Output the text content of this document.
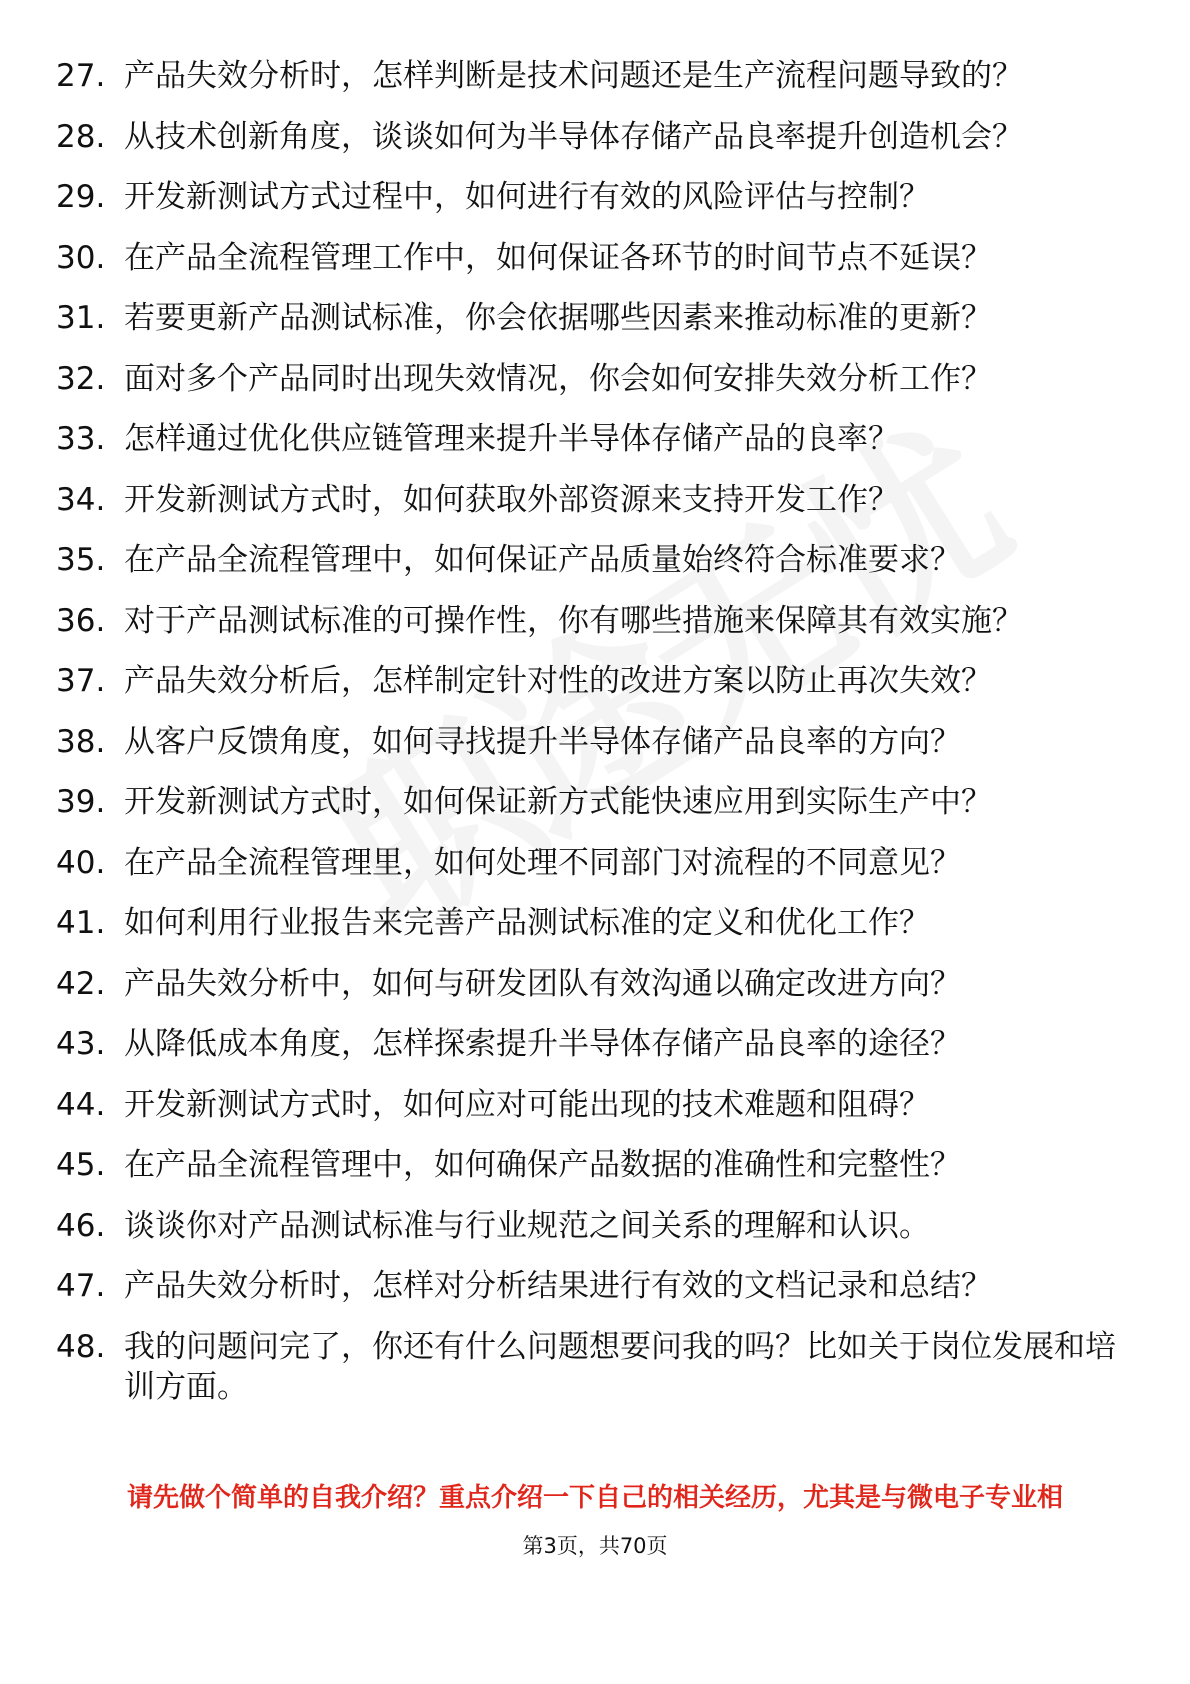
27. 产品失效分析时，怎样判断是技术问题还是生产流程问题导致的？
28. 从技术创新角度，谈谈如何为半导体存储产品良率提升创造机会？
29. 开发新测试方式过程中，如何进行有效的风险评估与控制？
30. 在产品全流程管理工作中，如何保证各环节的时间节点不延误？
31. 若要更新产品测试标准，你会依据哪些因素来推动标准的更新？
32. 面对多个产品同时出现失效情况，你会如何安排失效分析工作？
33. 怎样通过优化供应链管理来提升半导体存储产品的良率？
34. 开发新测试方式时，如何获取外部资源来支持开发工作？
35. 在产品全流程管理中，如何保证产品质量始终符合标准要求？
36. 对于产品测试标准的可操作性，你有哪些措施来保障其有效实施？
37. 产品失效分析后，怎样制定针对性的改进方案以防止再次失效？
38. 从客户反馈角度，如何寻找提升半导体存储产品良率的方向？
39. 开发新测试方式时，如何保证新方式能快速应用到实际生产中？
40. 在产品全流程管理里，如何处理不同部门对流程的不同意见？
41. 如何利用行业报告来完善产品测试标准的定义和优化工作？
42. 产品失效分析中，如何与研发团队有效沟通以确定改进方向？
43. 从降低成本角度，怎样探索提升半导体存储产品良率的途径？
44. 开发新测试方式时，如何应对可能出现的技术难题和阻碍？
45. 在产品全流程管理中，如何确保产品数据的准确性和完整性？
46. 谈谈你对产品测试标准与行业规范之间关系的理解和认识。
47. 产品失效分析时，怎样对分析结果进行有效的文档记录和总结？
48. 我的问题问完了，你还有什么问题想要问我的吗？比如关于岗位发展和培训方面。
请先做个简单的自我介绍？重点介绍一下自己的相关经历，尤其是与微电子专业相
第3页，共70页
